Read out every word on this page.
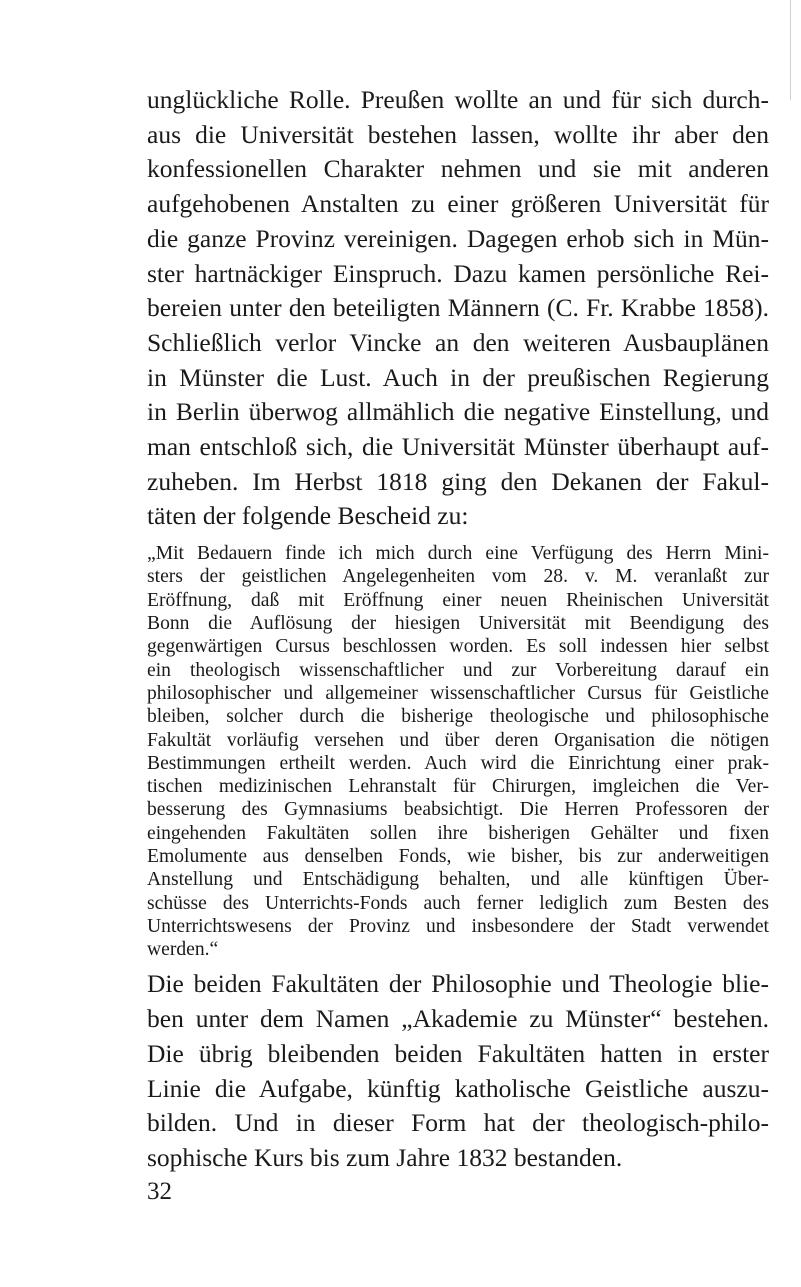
unglückliche Rolle. Preußen wollte an und für sich durch-
aus die Universität bestehen lassen, wollte ihr aber den
konfessionellen Charakter nehmen und sie mit anderen
aufgehobenen Anstalten zu einer größeren Universität für
die ganze Provinz vereinigen. Dagegen erhob sich in Mün-
ster hartnäckiger Einspruch. Dazu kamen persönliche Rei-
bereien unter den beteiligten Männern (C. Fr. Krabbe 1858).
Schließlich verlor Vincke an den weiteren Ausbauplänen
in Münster die Lust. Auch in der preußischen Regierung
in Berlin überwog allmählich die negative Einstellung, und
man entschloß sich, die Universität Münster überhaupt auf-
zuheben. Im Herbst 1818 ging den Dekanen der Fakul-
täten der folgende Bescheid zu:
„Mit Bedauern finde ich mich durch eine Verfügung des Herrn Mini-
sters der geistlichen Angelegenheiten vom 28. v. M. veranlaßt zur
Eröffnung, daß mit Eröffnung einer neuen Rheinischen Universität
Bonn die Auflösung der hiesigen Universität mit Beendigung des
gegenwärtigen Cursus beschlossen worden. Es soll indessen hier selbst
ein theologisch wissenschaftlicher und zur Vorbereitung darauf ein
philosophischer und allgemeiner wissenschaftlicher Cursus für Geistliche
bleiben, solcher durch die bisherige theologische und philosophische
Fakultät vorläufig versehen und über deren Organisation die nötigen
Bestimmungen ertheilt werden. Auch wird die Einrichtung einer prak-
tischen medizinischen Lehranstalt für Chirurgen, imgleichen die Ver-
besserung des Gymnasiums beabsichtigt. Die Herren Professoren der
eingehenden Fakultäten sollen ihre bisherigen Gehälter und fixen
Emolumente aus denselben Fonds, wie bisher, bis zur anderweitigen
Anstellung und Entschädigung behalten, und alle künftigen Über-
schüsse des Unterrichts-Fonds auch ferner lediglich zum Besten des
Unterrichtswesens der Provinz und insbesondere der Stadt verwendet
werden.“
Die beiden Fakultäten der Philosophie und Theologie blie-
ben unter dem Namen „Akademie zu Münster“ bestehen.
Die übrig bleibenden beiden Fakultäten hatten in erster
Linie die Aufgabe, künftig katholische Geistliche auszu-
bilden. Und in dieser Form hat der theologisch-philo-
sophische Kurs bis zum Jahre 1832 bestanden.
32
